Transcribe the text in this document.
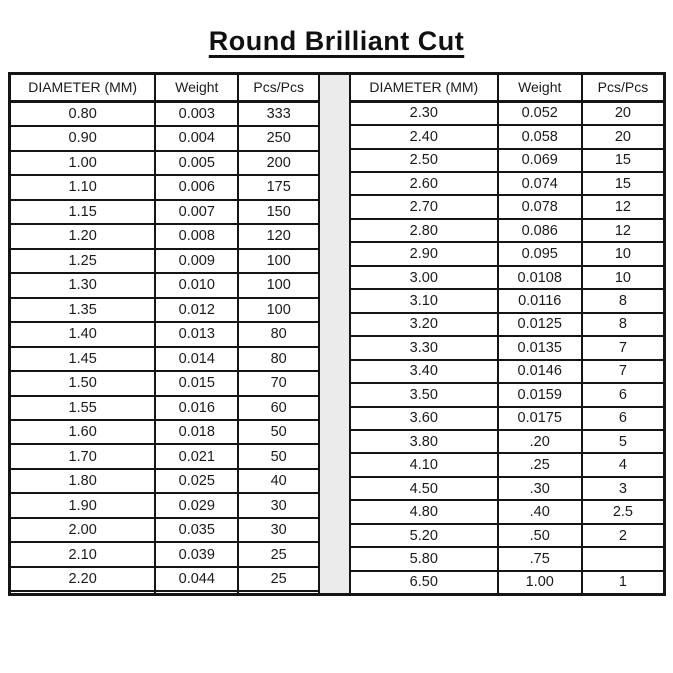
Round Brilliant Cut
DIAMETER (MM)	Weight	Pcs/Pcs
0.80	0.003	333
0.90	0.004	250
1.00	0.005	200
1.10	0.006	175
1.15	0.007	150
1.20	0.008	120
1.25	0.009	100
1.30	0.010	100
1.35	0.012	100
1.40	0.013	80
1.45	0.014	80
1.50	0.015	70
1.55	0.016	60
1.60	0.018	50
1.70	0.021	50
1.80	0.025	40
1.90	0.029	30
2.00	0.035	30
2.10	0.039	25
2.20	0.044	25

DIAMETER (MM)	Weight	Pcs/Pcs
2.30	0.052	20
2.40	0.058	20
2.50	0.069	15
2.60	0.074	15
2.70	0.078	12
2.80	0.086	12
2.90	0.095	10
3.00	0.0108	10
3.10	0.0116	8
3.20	0.0125	8
3.30	0.0135	7
3.40	0.0146	7
3.50	0.0159	6
3.60	0.0175	6
3.80	.20	5
4.10	.25	4
4.50	.30	3
4.80	.40	2.5
5.20	.50	2
5.80	.75	
6.50	1.00	1
